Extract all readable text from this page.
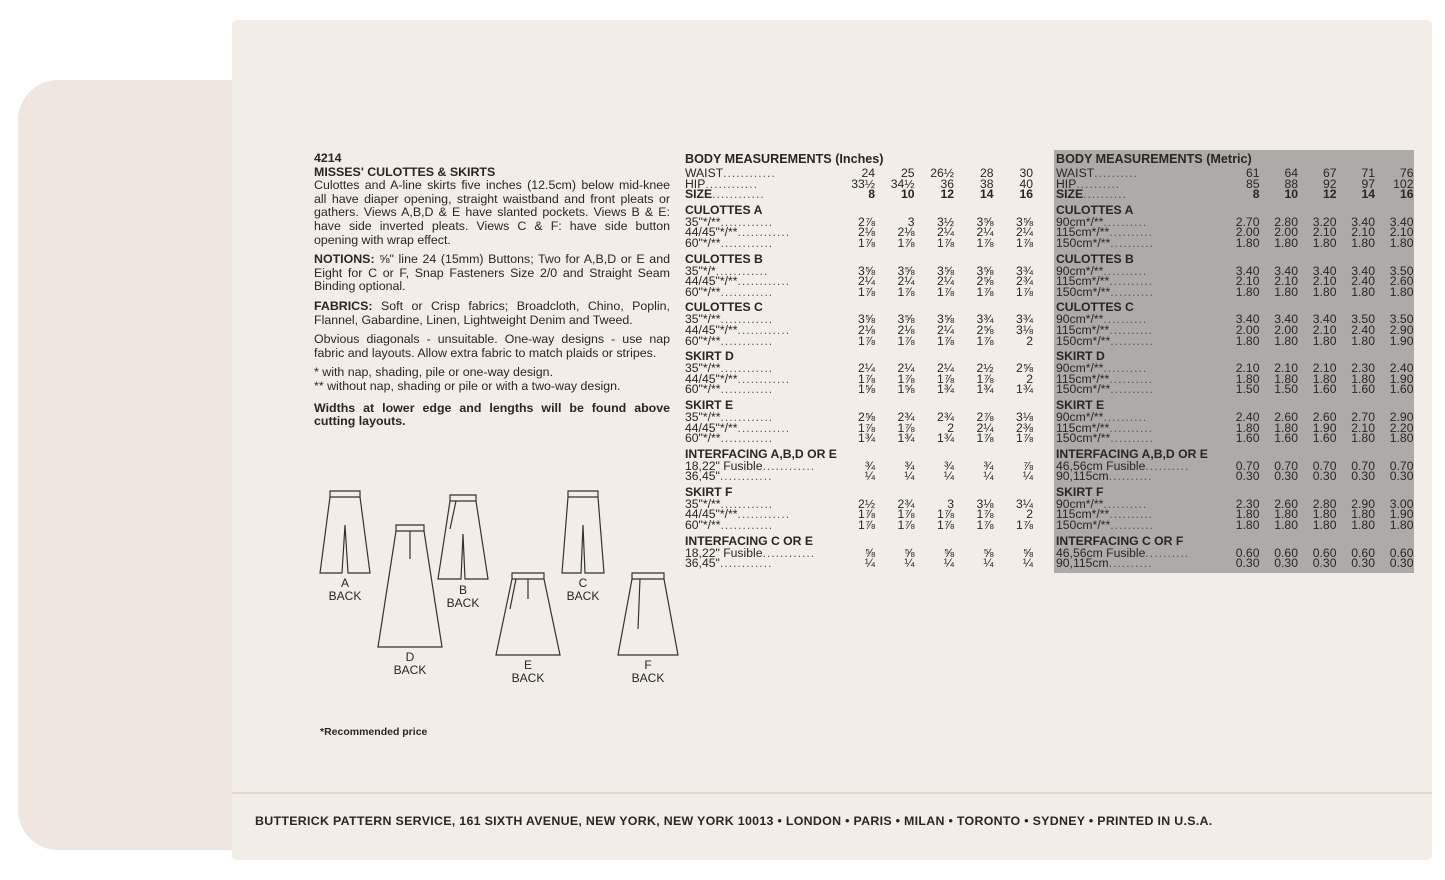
4214

MISSES' CULOTTES & SKIRTS

Culottes and A-line skirts five inches (12.5cm) below mid-knee all have diaper opening, straight waistband and front pleats or gathers. Views A,B,D & E have slanted pockets. Views B & E: have side inverted pleats. Views C & F: have side button opening with wrap effect.

NOTIONS: ⅝" line 24 (15mm) Buttons; Two for A,B,D or E and Eight for C or F, Snap Fasteners Size 2/0 and Straight Seam Binding optional.

FABRICS: Soft or Crisp fabrics; Broadcloth, Chino, Poplin, Flannel, Gabardine, Linen, Lightweight Denim and Tweed.

Obvious diagonals - unsuitable. One-way designs - use nap fabric and layouts. Allow extra fabric to match plaids or stripes.

* with nap, shading, pile or one-way design.

** without nap, shading or pile or with a two-way design.

Widths at lower edge and lengths will be found above cutting layouts.

A
BACK	B
BACK
C
BACK
D
BACK	E
BACK
F
BACK
*Recommended price
BODY MEASUREMENTS (Inches)
WAIST............	24	25	26½	28	30
HIP............	33½	34½	36	38	40
SIZE............	8	10	12	14	16
CULOTTES A
35"*/**............	2⅞	3	3½	3⅝	3⅝
44/45"*/**............	2⅛	2⅛	2¼	2¼	2¼
60"*/**............	1⅞	1⅞	1⅞	1⅞	1⅞
CULOTTES B
35"*/*............	3⅝	3⅝	3⅝	3⅝	3¾
44/45"*/**............	2¼	2¼	2¼	2⅝	2¾
60"*/**............	1⅞	1⅞	1⅞	1⅞	1⅞
CULOTTES C
35"*/**............	3⅝	3⅝	3⅝	3¾	3¾
44/45"*/**............	2⅛	2⅛	2¼	2⅝	3⅛
60"*/**............	1⅞	1⅞	1⅞	1⅞	2
SKIRT D
35"*/**............	2¼	2¼	2¼	2½	2⅝
44/45"*/**............	1⅞	1⅞	1⅞	1⅞	2
60"*/**............	1⅝	1⅝	1¾	1¾	1¾
SKIRT E
35"*/**............	2⅝	2¾	2¾	2⅞	3⅛
44/45"*/**............	1⅞	1⅞	2	2¼	2⅜
60"*/**............	1¾	1¾	1¾	1⅞	1⅞
INTERFACING A,B,D OR E
18,22" Fusible............	¾	¾	¾	¾	⅞
36,45"............	¼	¼	¼	¼	¼
SKIRT F
35"*/**............	2½	2¾	3	3⅛	3¼
44/45"*/**............	1⅞	1⅞	1⅞	1⅞	2
60"*/**............	1⅞	1⅞	1⅞	1⅞	1⅞
INTERFACING C OR E
18,22" Fusible............	⅝	⅝	⅝	⅝	⅝
36,45"............	¼	¼	¼	¼	¼
BODY MEASUREMENTS (Metric)
WAIST..........	61	64	67	71	76
HIP..........	85	88	92	97	102
SIZE..........	8	10	12	14	16
CULOTTES A
90cm*/**..........	2.70	2.80	3.20	3.40	3.40
115cm*/**..........	2.00	2.00	2.10	2.10	2.10
150cm*/**..........	1.80	1.80	1.80	1.80	1.80
CULOTTES B
90cm*/**..........	3.40	3.40	3.40	3.40	3.50
115cm*/**..........	2.10	2.10	2.10	2.40	2.60
150cm*/**..........	1.80	1.80	1.80	1.80	1.80
CULOTTES C
90cm*/**..........	3.40	3.40	3.40	3.50	3.50
115cm*/**..........	2.00	2.00	2.10	2.40	2.90
150cm*/**..........	1.80	1.80	1.80	1.80	1.90
SKIRT D
90cm*/**..........	2.10	2.10	2.10	2.30	2.40
115cm*/**..........	1.80	1.80	1.80	1.80	1.90
150cm*/**..........	1.50	1.50	1.60	1.60	1.60
SKIRT E
90cm*/**..........	2.40	2.60	2.60	2.70	2.90
115cm*/**..........	1.80	1.80	1.90	2.10	2.20
150cm*/**..........	1.60	1.60	1.60	1.80	1.80
INTERFACING A,B,D OR E
46,56cm Fusible..........	0.70	0.70	0.70	0.70	0.70
90,115cm..........	0.30	0.30	0.30	0.30	0.30
SKIRT F
90cm*/**..........	2.30	2.60	2.80	2.90	3.00
115cm*/**..........	1.80	1.80	1.80	1.80	1.90
150cm*/**..........	1.80	1.80	1.80	1.80	1.80
INTERFACING C OR F
46,56cm Fusible..........	0.60	0.60	0.60	0.60	0.60
90,115cm..........	0.30	0.30	0.30	0.30	0.30
BUTTERICK PATTERN SERVICE, 161 SIXTH AVENUE, NEW YORK, NEW YORK 10013 • LONDON • PARIS • MILAN • TORONTO • SYDNEY • PRINTED IN U.S.A.
